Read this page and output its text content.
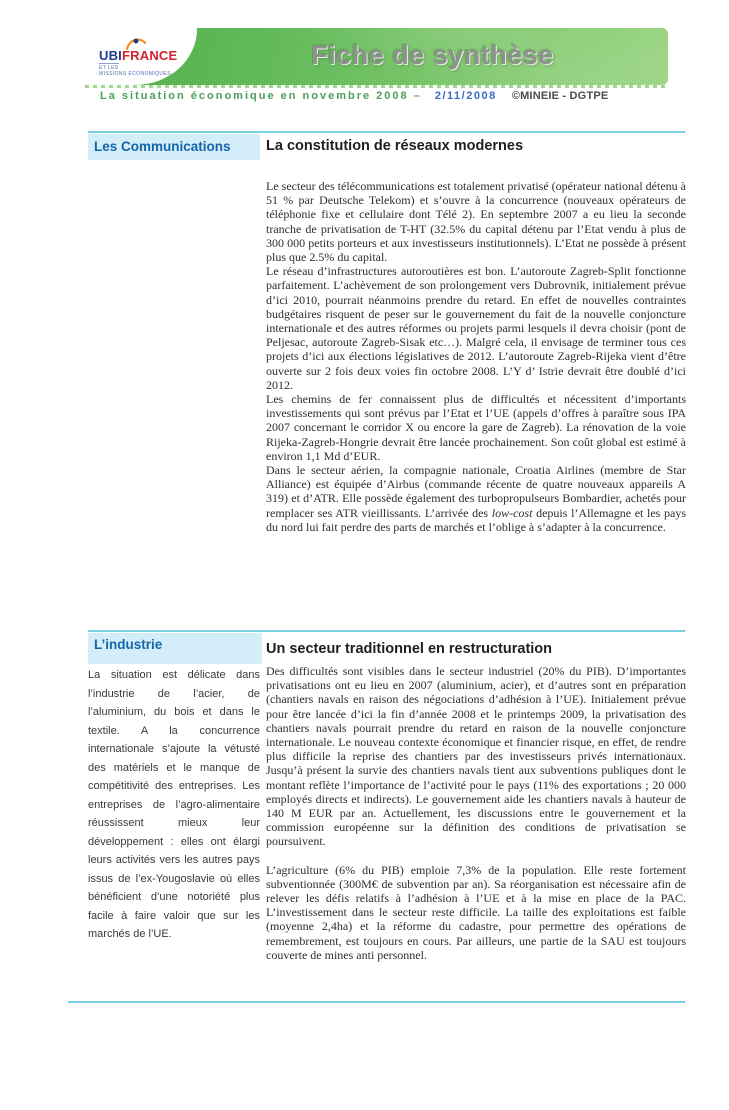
UBIFRANCE
ET LES
MISSIONS ECONOMIQUES
Fiche de synthèse
La situation économique en novembre 2008 – 2/11/2008 ©MINEIE - DGTPE
Les Communications	La constitution de réseaux modernes

Le secteur des télécommunications est totalement privatisé (opérateur national détenu à 51 % par Deutsche Telekom) et s’ouvre à la concurrence (nouveaux opérateurs de téléphonie fixe et cellulaire dont Télé 2). En septembre 2007 a eu lieu la seconde tranche de privatisation de T-HT (32.5% du capital détenu par l’Etat vendu à plus de 300 000 petits porteurs et aux investisseurs institutionnels). L’Etat ne possède à présent plus que 2.5% du capital.

Le réseau d’infrastructures autoroutières est bon. L’autoroute Zagreb-Split fonctionne parfaitement. L’achèvement de son prolongement vers Dubrovnik, initialement prévue d’ici 2010, pourrait néanmoins prendre du retard. En effet de nouvelles contraintes budgétaires risquent de peser sur le gouvernement du fait de la nouvelle conjoncture internationale et des autres réformes ou projets parmi lesquels il devra choisir (pont de Peljesac, autoroute Zagreb-Sisak etc…). Malgré cela, il envisage de terminer tous ces projets d’ici aux élections législatives de 2012. L’autoroute Zagreb-Rijeka vient d’être ouverte sur 2 fois deux voies fin octobre 2008. L’Y d’ Istrie devrait être doublé d’ici 2012.

Les chemins de fer connaissent plus de difficultés et nécessitent d’importants investissements qui sont prévus par l’Etat et l’UE (appels d’offres à paraître sous IPA 2007 concernant le corridor X ou encore la gare de Zagreb). La rénovation de la voie Rijeka-Zagreb-Hongrie devrait être lancée prochainement. Son coût global est estimé à environ 1,1 Md d’EUR.

Dans le secteur aérien, la compagnie nationale, Croatia Airlines (membre de Star Alliance) est équipée d’Airbus (commande récente de quatre nouveaux appareils A 319) et d’ATR. Elle possède également des turbopropulseurs Bombardier, achetés pour remplacer ses ATR vieillissants. L’arrivée des low-cost depuis l’Allemagne et les pays du nord lui fait perdre des parts de marchés et l’oblige à s’adapter à la concurrence.

L’industrie	Un secteur traditionnel en restructuration
La situation est délicate dans l’industrie de l’acier, de l’aluminium, du bois et dans le textile. A la concurrence internationale s’ajoute la vétusté des matériels et le manque de compétitivité des entreprises. Les entreprises de l’agro-alimentaire réussissent mieux leur développement : elles ont élargi leurs activités vers les autres pays issus de l’ex-Yougoslavie où elles bénéficient d’une notoriété plus facile à faire valoir que sur les marchés de l’UE.

Des difficultés sont visibles dans le secteur industriel (20% du PIB). D’importantes privatisations ont eu lieu en 2007 (aluminium, acier), et d’autres sont en préparation (chantiers navals en raison des négociations d’adhésion à l’UE). Initialement prévue pour être lancée d’ici la fin d’année 2008 et le printemps 2009, la privatisation des chantiers navals pourrait prendre du retard en raison de la nouvelle conjoncture internationale. Le nouveau contexte économique et financier risque, en effet, de rendre plus difficile la reprise des chantiers par des investisseurs privés internationaux. Jusqu’à présent la survie des chantiers navals tient aux subventions publiques dont le montant reflète l’importance de l’activité pour le pays (11% des exportations ; 20 000 employés directs et indirects). Le gouvernement aide les chantiers navals à hauteur de 140 M EUR par an. Actuellement, les discussions entre le gouvernement et la commission européenne sur la définition des conditions de privatisation se poursuivent.

L’agriculture (6% du PIB) emploie 7,3% de la population. Elle reste fortement subventionnée (300M€ de subvention par an). Sa réorganisation est nécessaire afin de relever les défis relatifs à l’adhésion à l’UE et à la mise en place de la PAC. L’investissement dans le secteur reste difficile. La taille des exploitations est faible (moyenne 2,4ha) et la réforme du cadastre, pour permettre des opérations de remembrement, est toujours en cours. Par ailleurs, une partie de la SAU est toujours couverte de mines anti personnel.
